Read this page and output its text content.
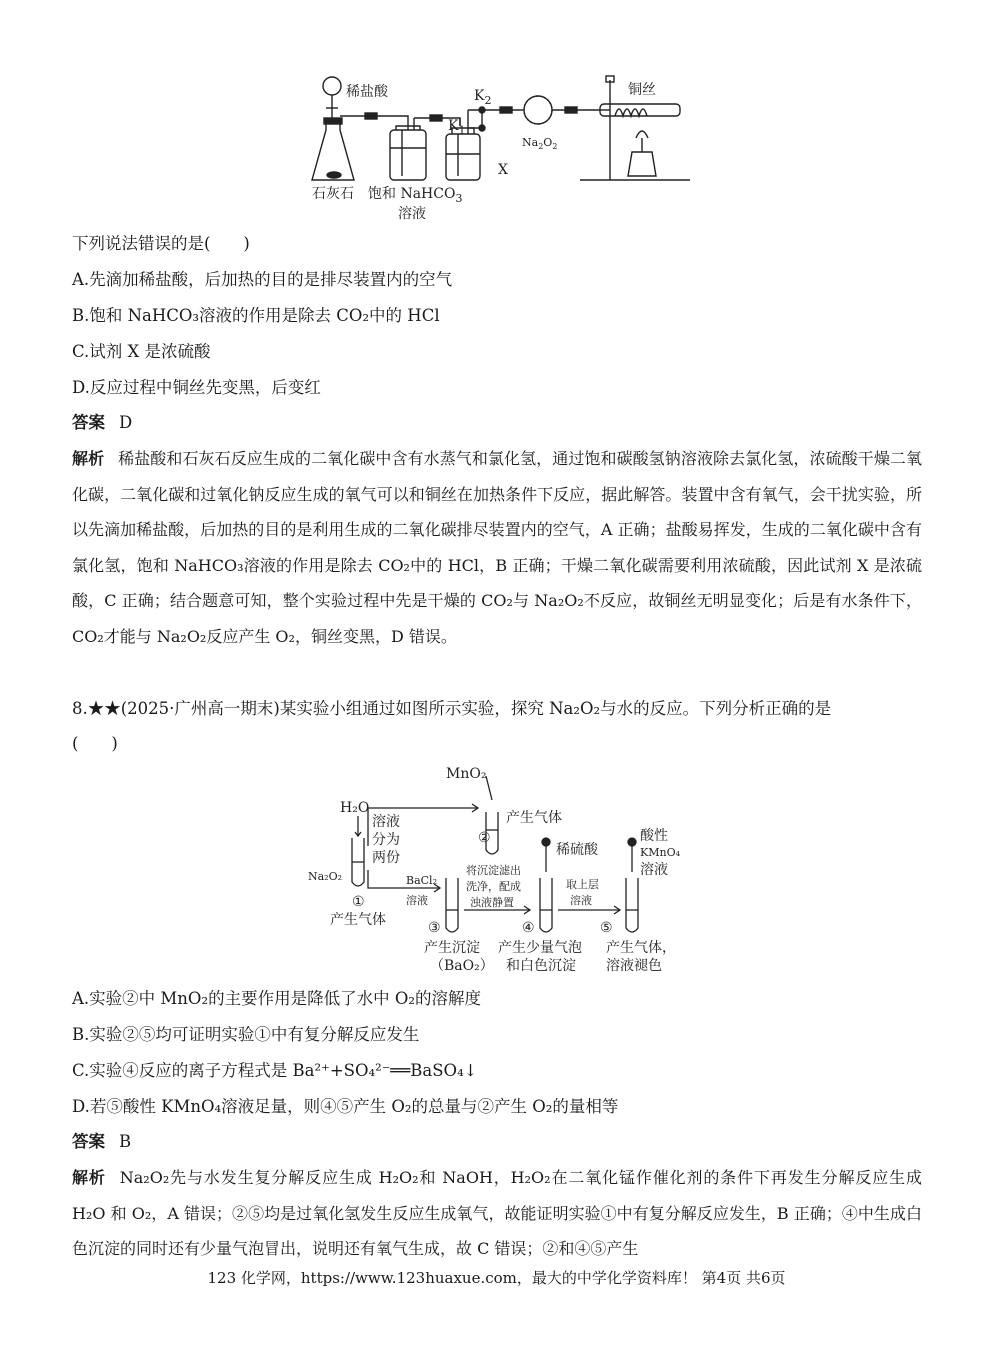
稀盐酸
石灰石 饱和 NaHCO$_3$
溶液
$K_2$
$K_1$
X
$Na_2O_2$
铜丝
下列说法错误的是(　　)
A.先滴加稀盐酸，后加热的目的是排尽装置内的空气
B.饱和 NaHCO₃溶液的作用是除去 CO₂中的 HCl
C.试剂 X 是浓硫酸
D.反应过程中铜丝先变黑，后变红
答案 D
解析 稀盐酸和石灰石反应生成的二氧化碳中含有水蒸气和氯化氢，通过饱和碳酸氢钠溶液除去氯化氢，浓硫酸干燥二氧化碳，二氧化碳和过氧化钠反应生成的氧气可以和铜丝在加热条件下反应，据此解答。装置中含有氧气，会干扰实验，所以先滴加稀盐酸，后加热的目的是利用生成的二氧化碳排尽装置内的空气，A 正确；盐酸易挥发，生成的二氧化碳中含有氯化氢，饱和 NaHCO₃溶液的作用是除去 CO₂中的 HCl，B 正确；干燥二氧化碳需要利用浓硫酸，因此试剂 X 是浓硫酸，C 正确；结合题意可知，整个实验过程中先是干燥的 CO₂与 Na₂O₂不反应，故铜丝无明显变化；后是有水条件下，CO₂才能与 Na₂O₂反应产生 O₂，铜丝变黑，D 错误。
8.★★(2025·广州高一期末)某实验小组通过如图所示实验，探究 Na₂O₂与水的反应。下列分析正确的是
(　　)
MnO₂
H₂O
溶液
分为
两份
②
产生气体
Na₂O₂
①
产生气体
BaCl₂
溶液
③
将沉淀滤出
洗净，配成
浊液静置
稀硫酸
④
取上层
溶液
⑤
酸性
KMnO₄
溶液
产生沉淀
（BaO₂）
产生少量气泡
和白色沉淀
产生气体，
溶液褪色
A.实验②中 MnO₂的主要作用是降低了水中 O₂的溶解度
B.实验②⑤均可证明实验①中有复分解反应发生
C.实验④反应的离子方程式是 Ba²⁺+SO₄²⁻══BaSO₄↓
D.若⑤酸性 KMnO₄溶液足量，则④⑤产生 O₂的总量与②产生 O₂的量相等
答案 B
解析 Na₂O₂先与水发生复分解反应生成 H₂O₂和 NaOH，H₂O₂在二氧化锰作催化剂的条件下再发生分解反应生成 H₂O 和 O₂，A 错误；②⑤均是过氧化氢发生反应生成氧气，故能证明实验①中有复分解反应发生，B 正确；④中生成白色沉淀的同时还有少量气泡冒出，说明还有氧气生成，故 C 错误；②和④⑤产生
123 化学网，https://www.123huaxue.com，最大的中学化学资料库！ 第4页 共6页
